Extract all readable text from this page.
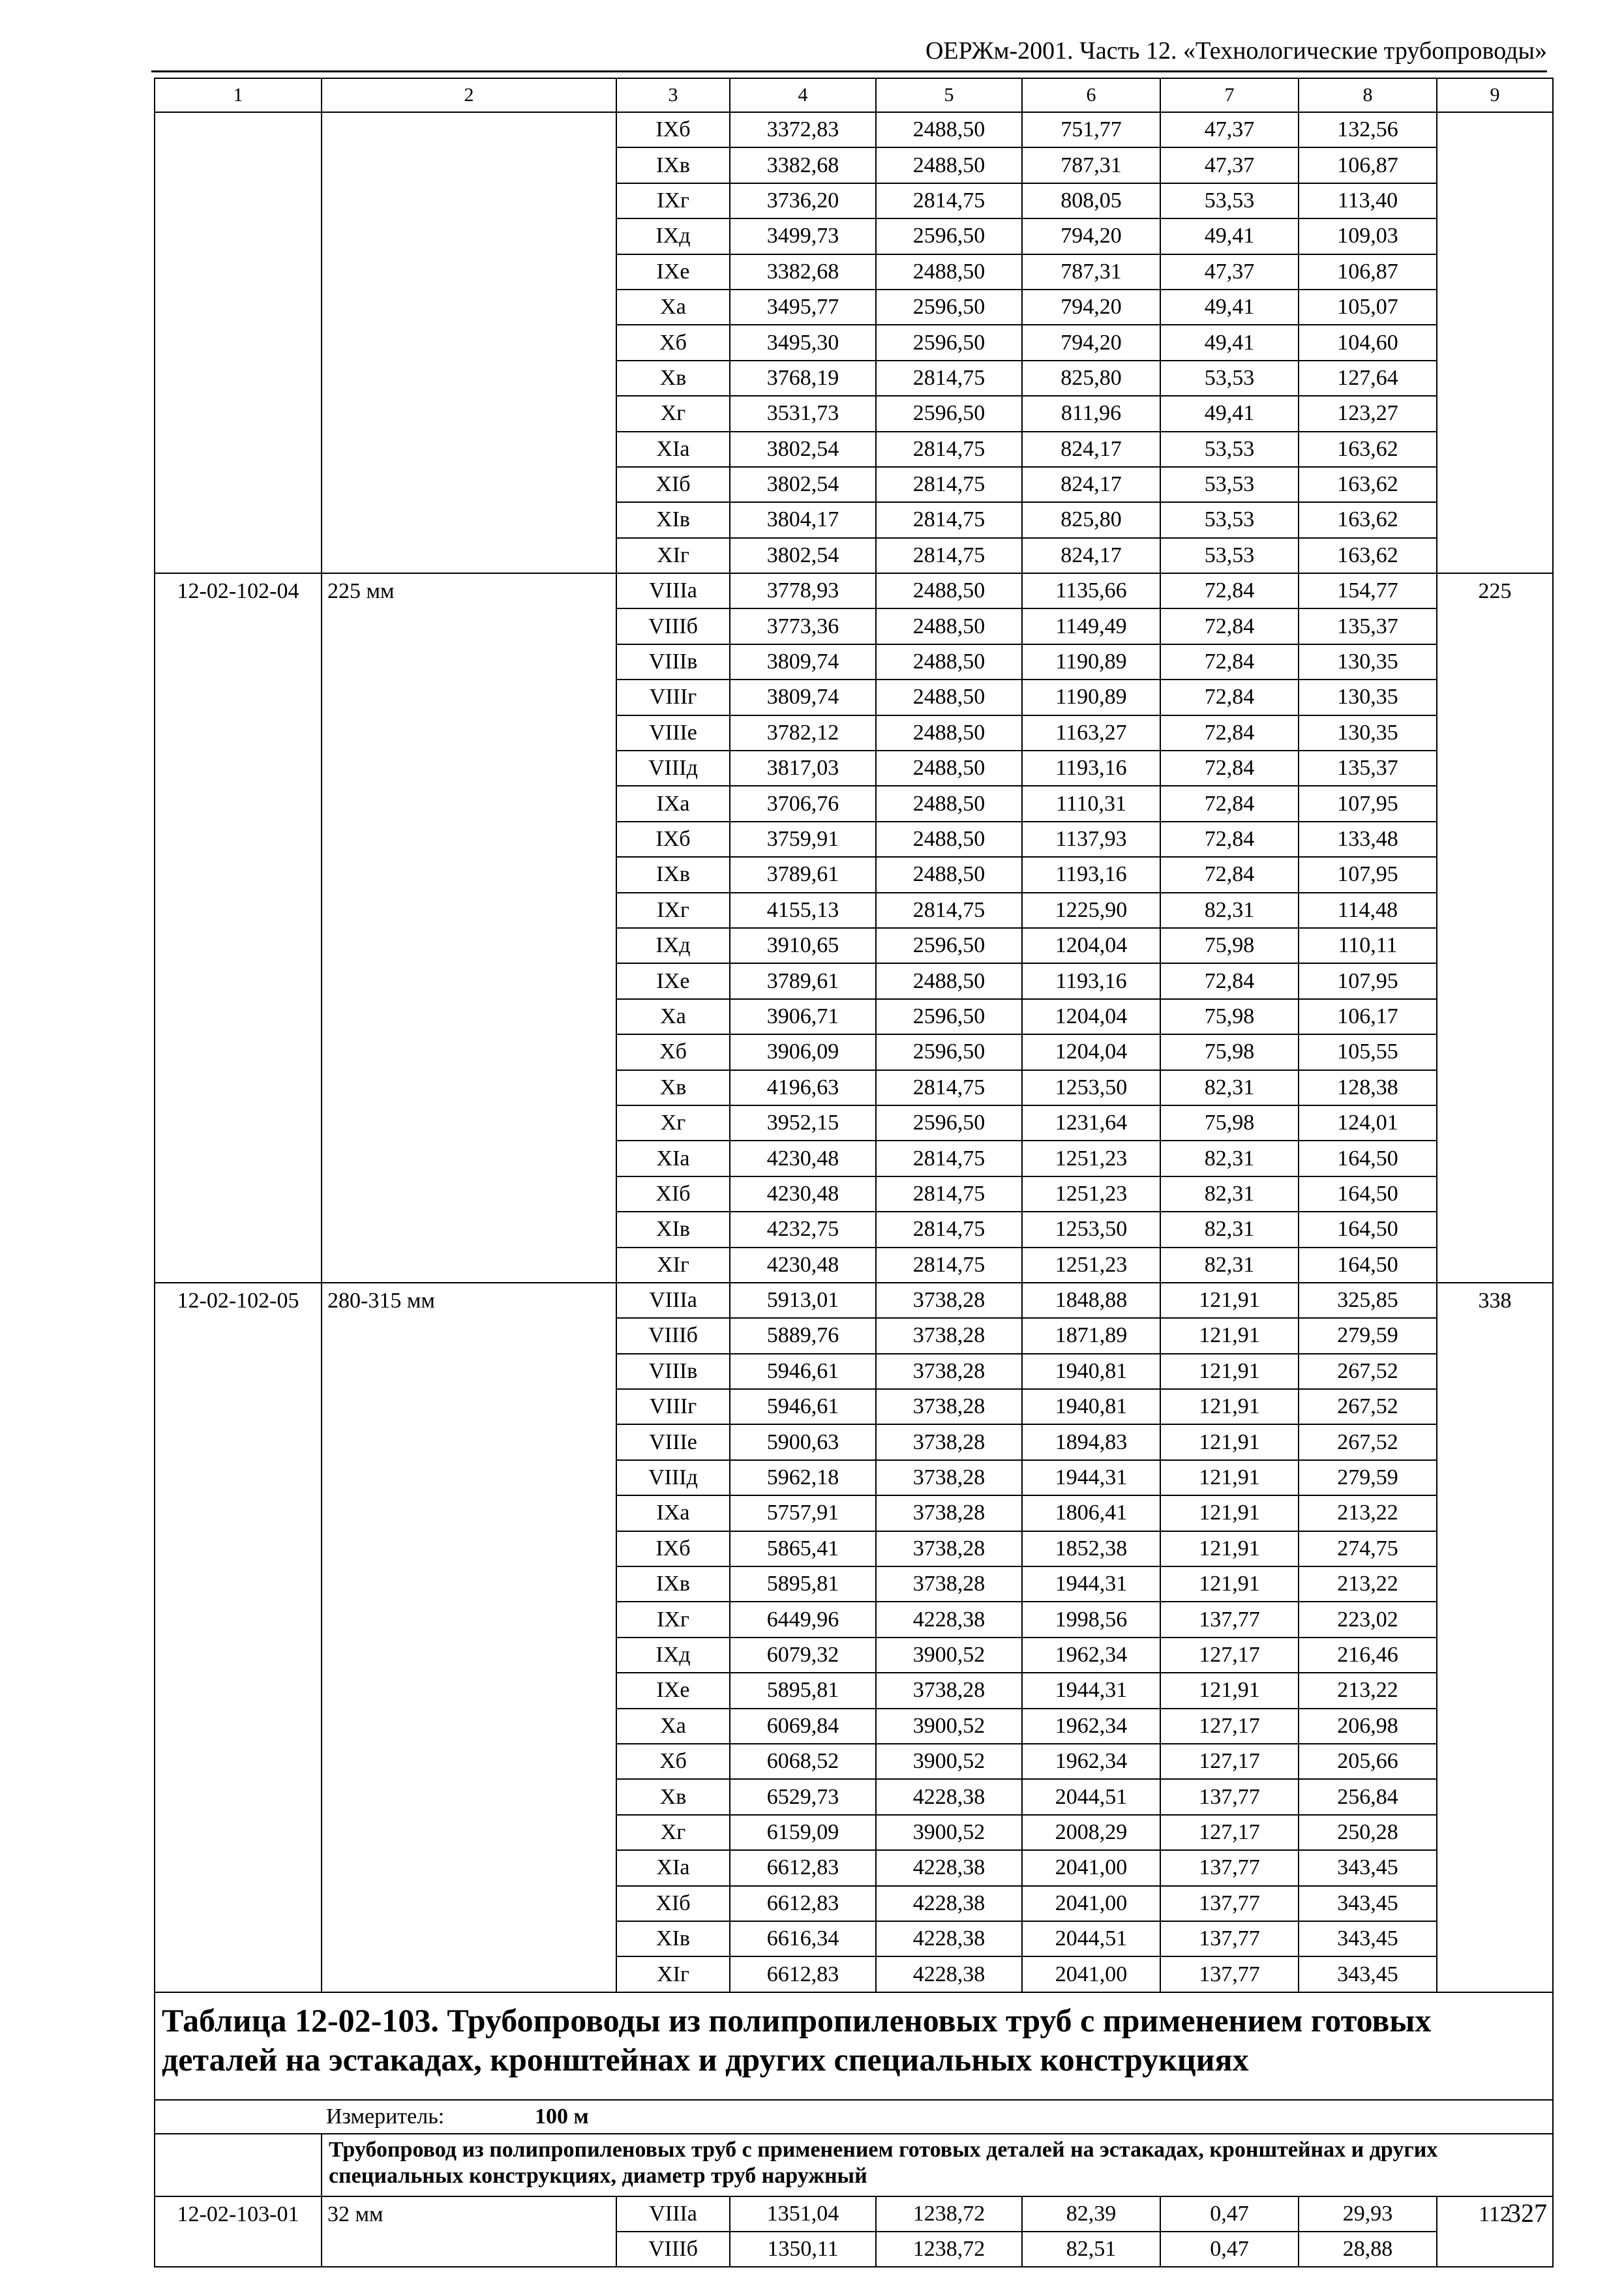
ОЕРЖм-2001. Часть 12. «Технологические трубопроводы»
1	2	3	4	5	6	7	8	9
		IXб	3372,83	2488,50	751,77	47,37	132,56	
		IXв	3382,68	2488,50	787,31	47,37	106,87	
		IXг	3736,20	2814,75	808,05	53,53	113,40	
		IXд	3499,73	2596,50	794,20	49,41	109,03	
		IXе	3382,68	2488,50	787,31	47,37	106,87	
		Xа	3495,77	2596,50	794,20	49,41	105,07	
		Xб	3495,30	2596,50	794,20	49,41	104,60	
		Xв	3768,19	2814,75	825,80	53,53	127,64	
		Xг	3531,73	2596,50	811,96	49,41	123,27	
		XIа	3802,54	2814,75	824,17	53,53	163,62	
		XIб	3802,54	2814,75	824,17	53,53	163,62	
		XIв	3804,17	2814,75	825,80	53,53	163,62	
		XIг	3802,54	2814,75	824,17	53,53	163,62	
12-02-102-04	225 мм	VIIIа	3778,93	2488,50	1135,66	72,84	154,77	225
		VIIIб	3773,36	2488,50	1149,49	72,84	135,37	
		VIIIв	3809,74	2488,50	1190,89	72,84	130,35	
		VIIIг	3809,74	2488,50	1190,89	72,84	130,35	
		VIIIе	3782,12	2488,50	1163,27	72,84	130,35	
		VIIIд	3817,03	2488,50	1193,16	72,84	135,37	
		IXа	3706,76	2488,50	1110,31	72,84	107,95	
		IXб	3759,91	2488,50	1137,93	72,84	133,48	
		IXв	3789,61	2488,50	1193,16	72,84	107,95	
		IXг	4155,13	2814,75	1225,90	82,31	114,48	
		IXд	3910,65	2596,50	1204,04	75,98	110,11	
		IXе	3789,61	2488,50	1193,16	72,84	107,95	
		Xа	3906,71	2596,50	1204,04	75,98	106,17	
		Xб	3906,09	2596,50	1204,04	75,98	105,55	
		Xв	4196,63	2814,75	1253,50	82,31	128,38	
		Xг	3952,15	2596,50	1231,64	75,98	124,01	
		XIа	4230,48	2814,75	1251,23	82,31	164,50	
		XIб	4230,48	2814,75	1251,23	82,31	164,50	
		XIв	4232,75	2814,75	1253,50	82,31	164,50	
		XIг	4230,48	2814,75	1251,23	82,31	164,50	
12-02-102-05	280-315 мм	VIIIа	5913,01	3738,28	1848,88	121,91	325,85	338
		VIIIб	5889,76	3738,28	1871,89	121,91	279,59	
		VIIIв	5946,61	3738,28	1940,81	121,91	267,52	
		VIIIг	5946,61	3738,28	1940,81	121,91	267,52	
		VIIIе	5900,63	3738,28	1894,83	121,91	267,52	
		VIIIд	5962,18	3738,28	1944,31	121,91	279,59	
		IXа	5757,91	3738,28	1806,41	121,91	213,22	
		IXб	5865,41	3738,28	1852,38	121,91	274,75	
		IXв	5895,81	3738,28	1944,31	121,91	213,22	
		IXг	6449,96	4228,38	1998,56	137,77	223,02	
		IXд	6079,32	3900,52	1962,34	127,17	216,46	
		IXе	5895,81	3738,28	1944,31	121,91	213,22	
		Xа	6069,84	3900,52	1962,34	127,17	206,98	
		Xб	6068,52	3900,52	1962,34	127,17	205,66	
		Xв	6529,73	4228,38	2044,51	137,77	256,84	
		Xг	6159,09	3900,52	2008,29	127,17	250,28	
		XIа	6612,83	4228,38	2041,00	137,77	343,45	
		XIб	6612,83	4228,38	2041,00	137,77	343,45	
		XIв	6616,34	4228,38	2044,51	137,77	343,45	
		XIг	6612,83	4228,38	2041,00	137,77	343,45	
Таблица 12-02-103. Трубопроводы из полипропиленовых труб с применением готовых деталей на эстакадах, кронштейнах и других специальных конструкциях								
Измеритель: 100 м								
	Трубопровод из полипропиленовых труб с применением готовых деталей на эстакадах, кронштейнах и других специальных конструкциях, диаметр труб наружный							
12-02-103-01	32 мм	VIIIа	1351,04	1238,72	82,39	0,47	29,93	112
		VIIIб	1350,11	1238,72	82,51	0,47	28,88	
327
